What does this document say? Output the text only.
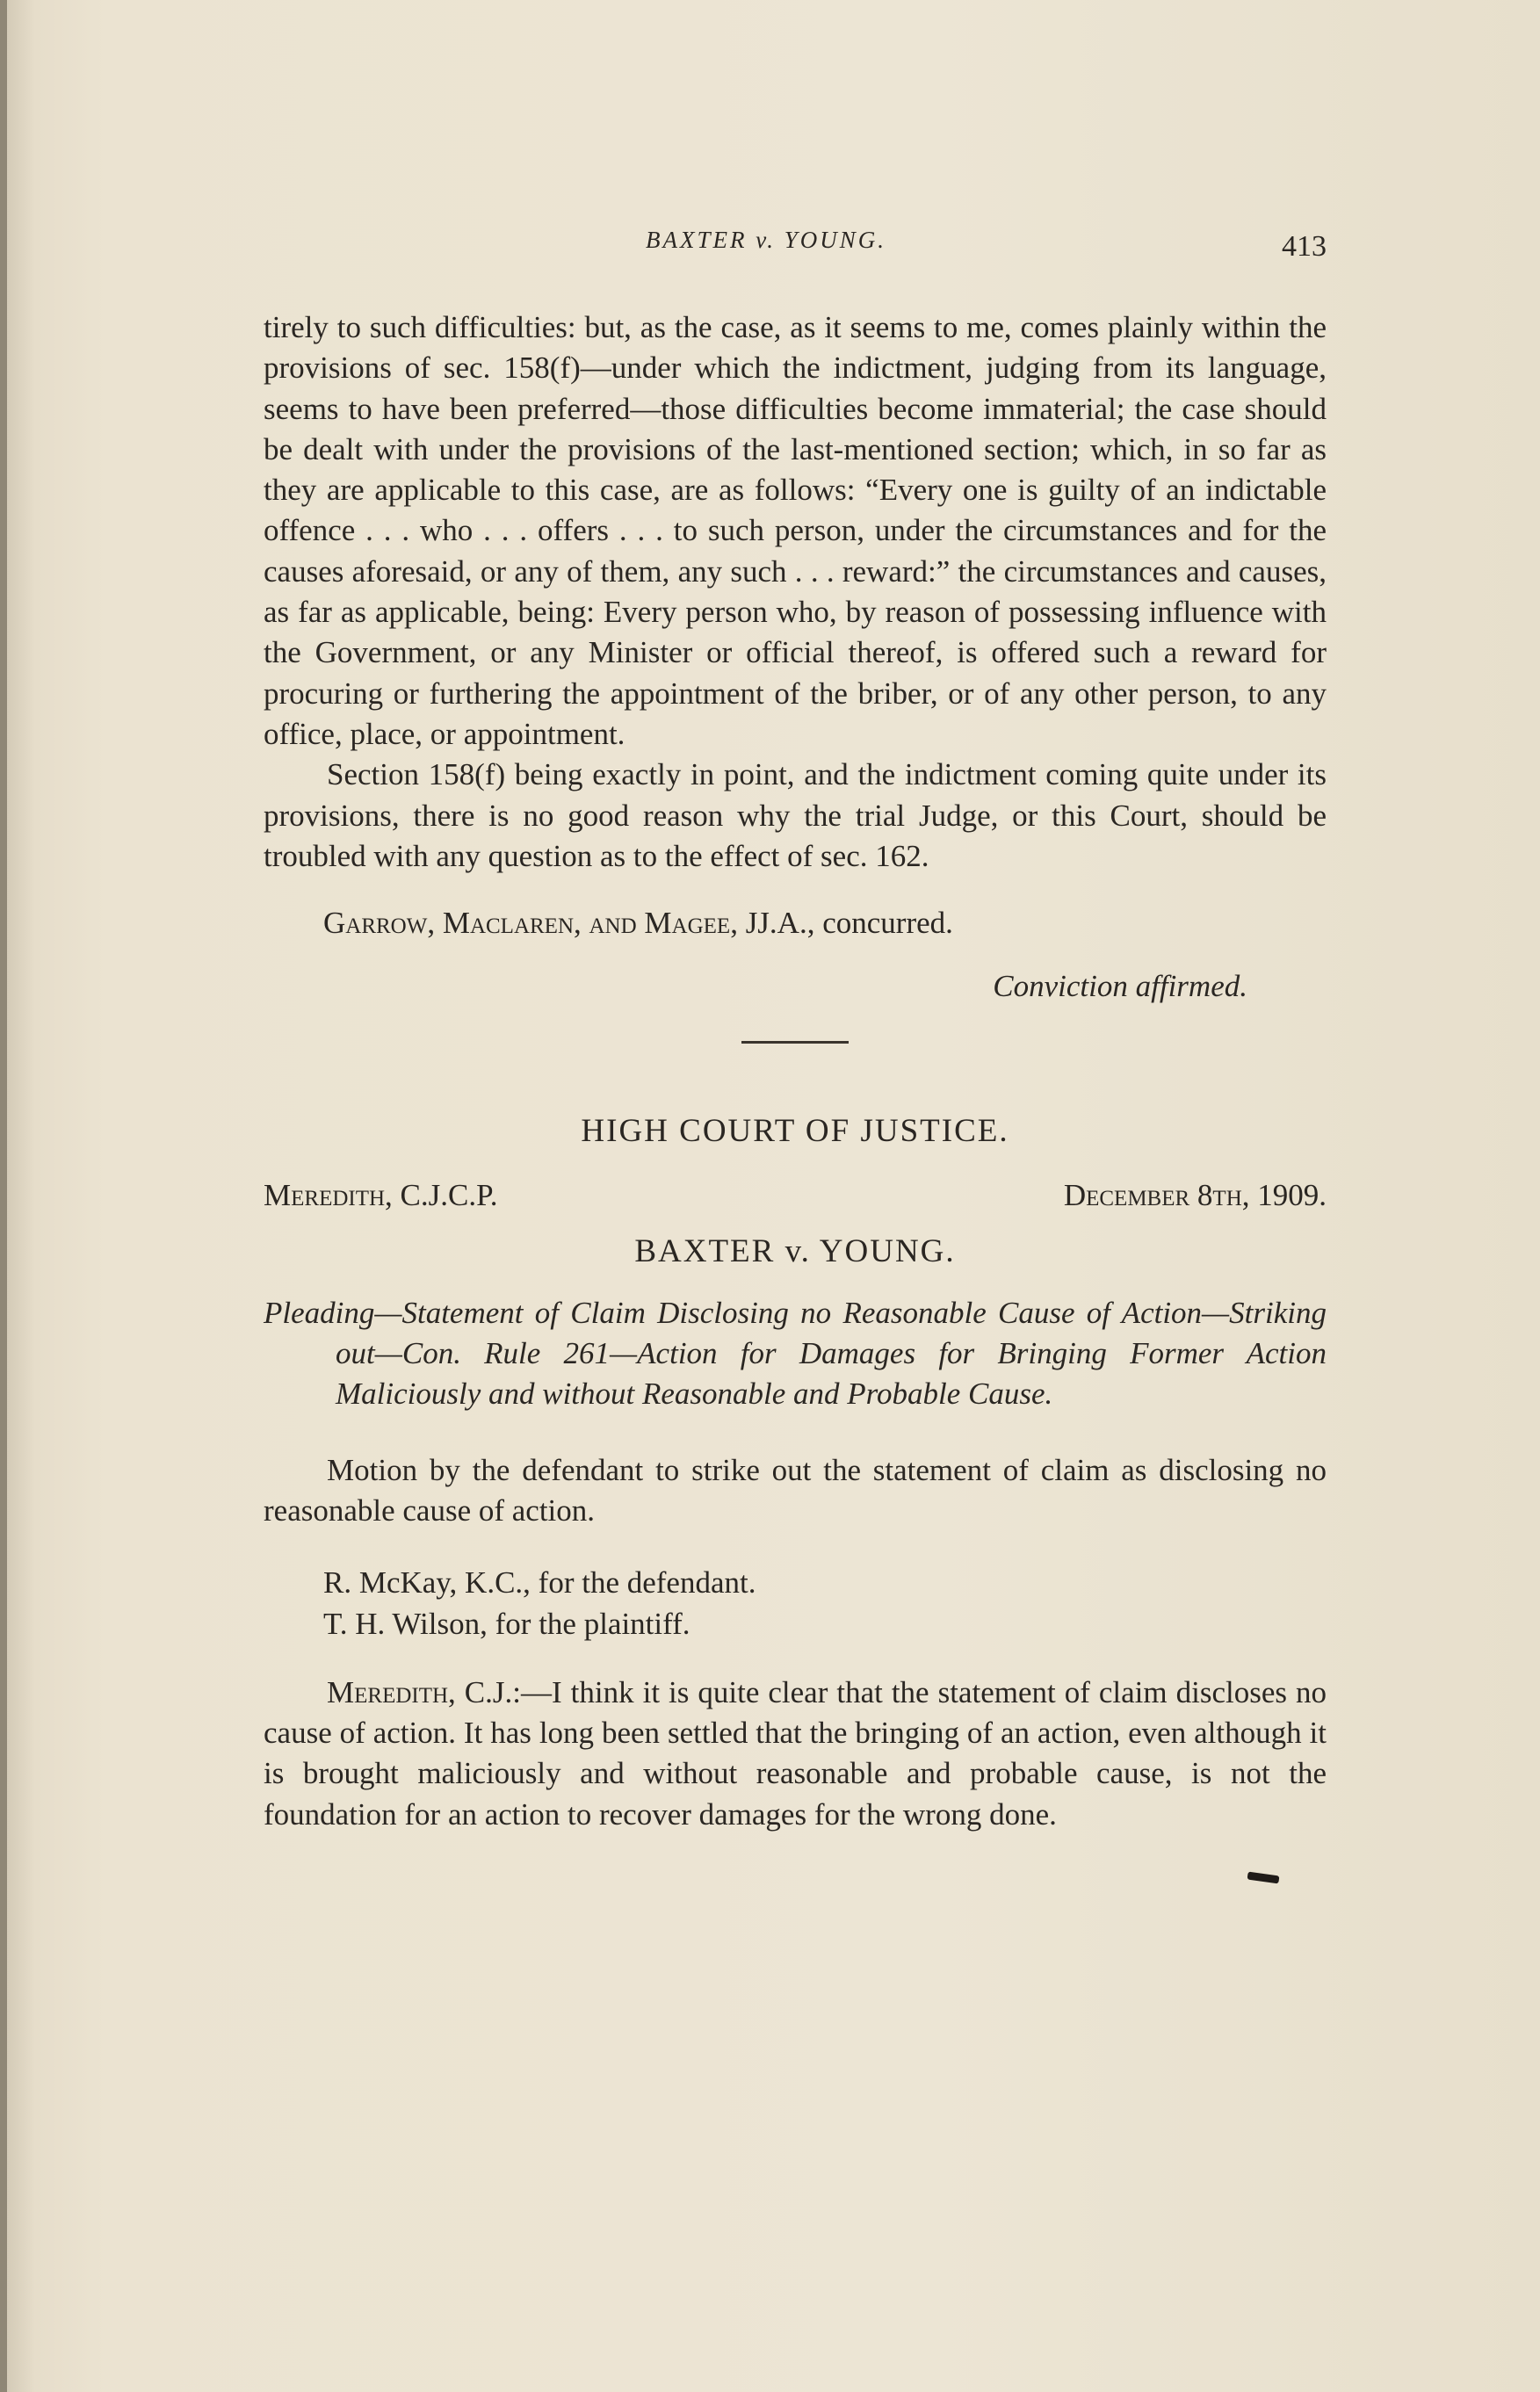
BAXTER v. YOUNG.	413

tirely to such difficulties: but, as the case, as it seems to me, comes plainly within the provisions of sec. 158(f)—under which the indictment, judging from its language, seems to have been preferred—those difficulties become immaterial; the case should be dealt with under the provisions of the last-mentioned section; which, in so far as they are applicable to this case, are as follows: “Every one is guilty of an indictable offence . . . who . . . offers . . . to such person, under the circumstances and for the causes aforesaid, or any of them, any such . . . reward:” the circumstances and causes, as far as applicable, being: Every person who, by reason of possessing influence with the Government, or any Minister or official thereof, is offered such a reward for procuring or furthering the appointment of the briber, or of any other person, to any office, place, or appointment.

Section 158(f) being exactly in point, and the indictment coming quite under its provisions, there is no good reason why the trial Judge, or this Court, should be troubled with any question as to the effect of sec. 162.

Garrow, Maclaren, and Magee, JJ.A., concurred.

Conviction affirmed.

HIGH COURT OF JUSTICE.
Meredith, C.J.C.P.	December 8th, 1909.
BAXTER v. YOUNG.

Pleading—Statement of Claim Disclosing no Reasonable Cause of Action—Striking out—Con. Rule 261—Action for Damages for Bringing Former Action Maliciously and without Reasonable and Probable Cause.

Motion by the defendant to strike out the statement of claim as disclosing no reasonable cause of action.

R. McKay, K.C., for the defendant.

T. H. Wilson, for the plaintiff.

Meredith, C.J.:—I think it is quite clear that the statement of claim discloses no cause of action. It has long been settled that the bringing of an action, even although it is brought maliciously and without reasonable and probable cause, is not the foundation for an action to recover damages for the wrong done.
